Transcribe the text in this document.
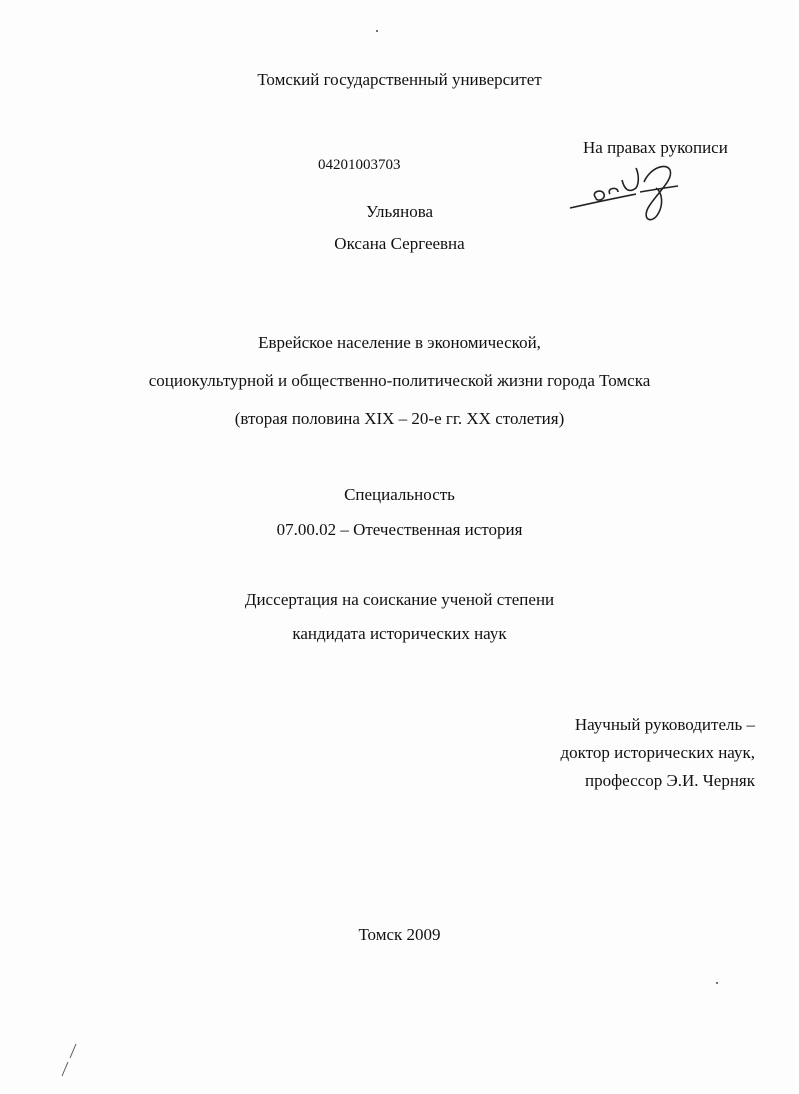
Томский государственный университет
На правах рукописи
04201003703
Ульянова
Оксана Сергеевна
Еврейское население в экономической,
социокультурной и общественно-политической жизни города Томска
(вторая половина XIX – 20-е гг. XX столетия)
Специальность
07.00.02 – Отечественная история
Диссертация на соискание ученой степени
кандидата исторических наук
Научный руководитель –
доктор исторических наук,
профессор Э.И. Черняк
Томск 2009
